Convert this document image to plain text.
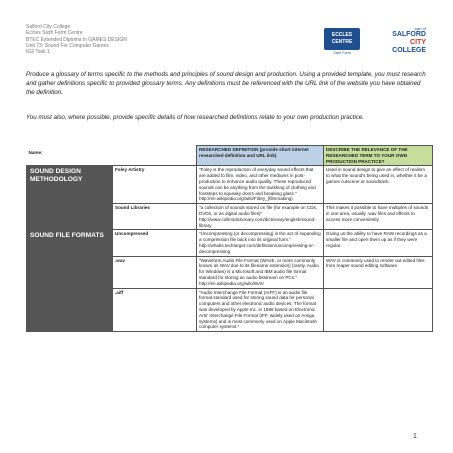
Salford City College
Eccles Sixth Form Centre
BTEC Extended Diploma in GAMES DESIGN
Unit 73: Sound For Computer Games
IG2 Task 1
ECCLES
CENTRE
Sixth Form
part of
SALFORD
CITY
COLLEGE
Produce a glossary of terms specific to the methods and principles of sound design and production. Using a provided template, you must research and gather definitions specific to provided glossary terms. Any definitions must be referenced with the URL link of the website you have obtained the definition.
You must also, where possible, provide specific details of how researched definitions relate to your own production practice.
Name:		RESEARCHED DEFINITION (provide short internet researched definition and URL link)	DESCRIBE THE RELEVANCE OF THE RESEARCHED TERM TO YOUR OWN PRODUCTION PRACTICE?
SOUND DESIGN METHODOLOGY	Foley Artistry	"Foley is the reproduction of everyday sound effects that are added to film, video, and other mediums in post-production to enhance audio quality. These reproduced sounds can be anything from the swishing of clothing and footsteps to squeaky doors and breaking glass." http://en.wikipedia.org/wiki/Foley_(filmmaking)	Used in sound design to give an effect of realism to what the sound's being used in, whether it be a games cutscene or soundtrack.
	Sound Libraries	"a collection of sounds stored on file (for example on CDs, DVDs, or as digital audio files)" http://www.collinsdictionary.com/dictionary/english/sound-library	This makes it possible to have multiples of sounds in one area, usually .wav files and effects to access more conveniently
SOUND FILE FORMATS	Uncompressed	"Uncompressing (or decompressing) is the act of expanding a compression file back into its original form." http://whatis.techtarget.com/definition/uncompressing-or-decompressing	Giving us the ability to have RAW recordings as a smaller file and open them up as if they were regular
	.wav	"Waveform Audio File Format (WAVE, or more commonly known as WAV due to its filename extension) (rarely, Audio for Windows) is a Microsoft and IBM audio file format standard for storing an audio bitstream on PCs." http://en.wikipedia.org/wiki/WAV	WAV is commonly used to render out edited files from reaper sound editing software
	.aiff	"Audio Interchange File Format (AIFF) is an audio file format standard used for storing sound data for personal computers and other electronic audio devices. The format was developed by Apple Inc. in 1988 based on Electronic Arts' Interchange File Format (IFF, widely used on Amiga systems) and is most commonly used on Apple Macintosh computer systems."	
1
